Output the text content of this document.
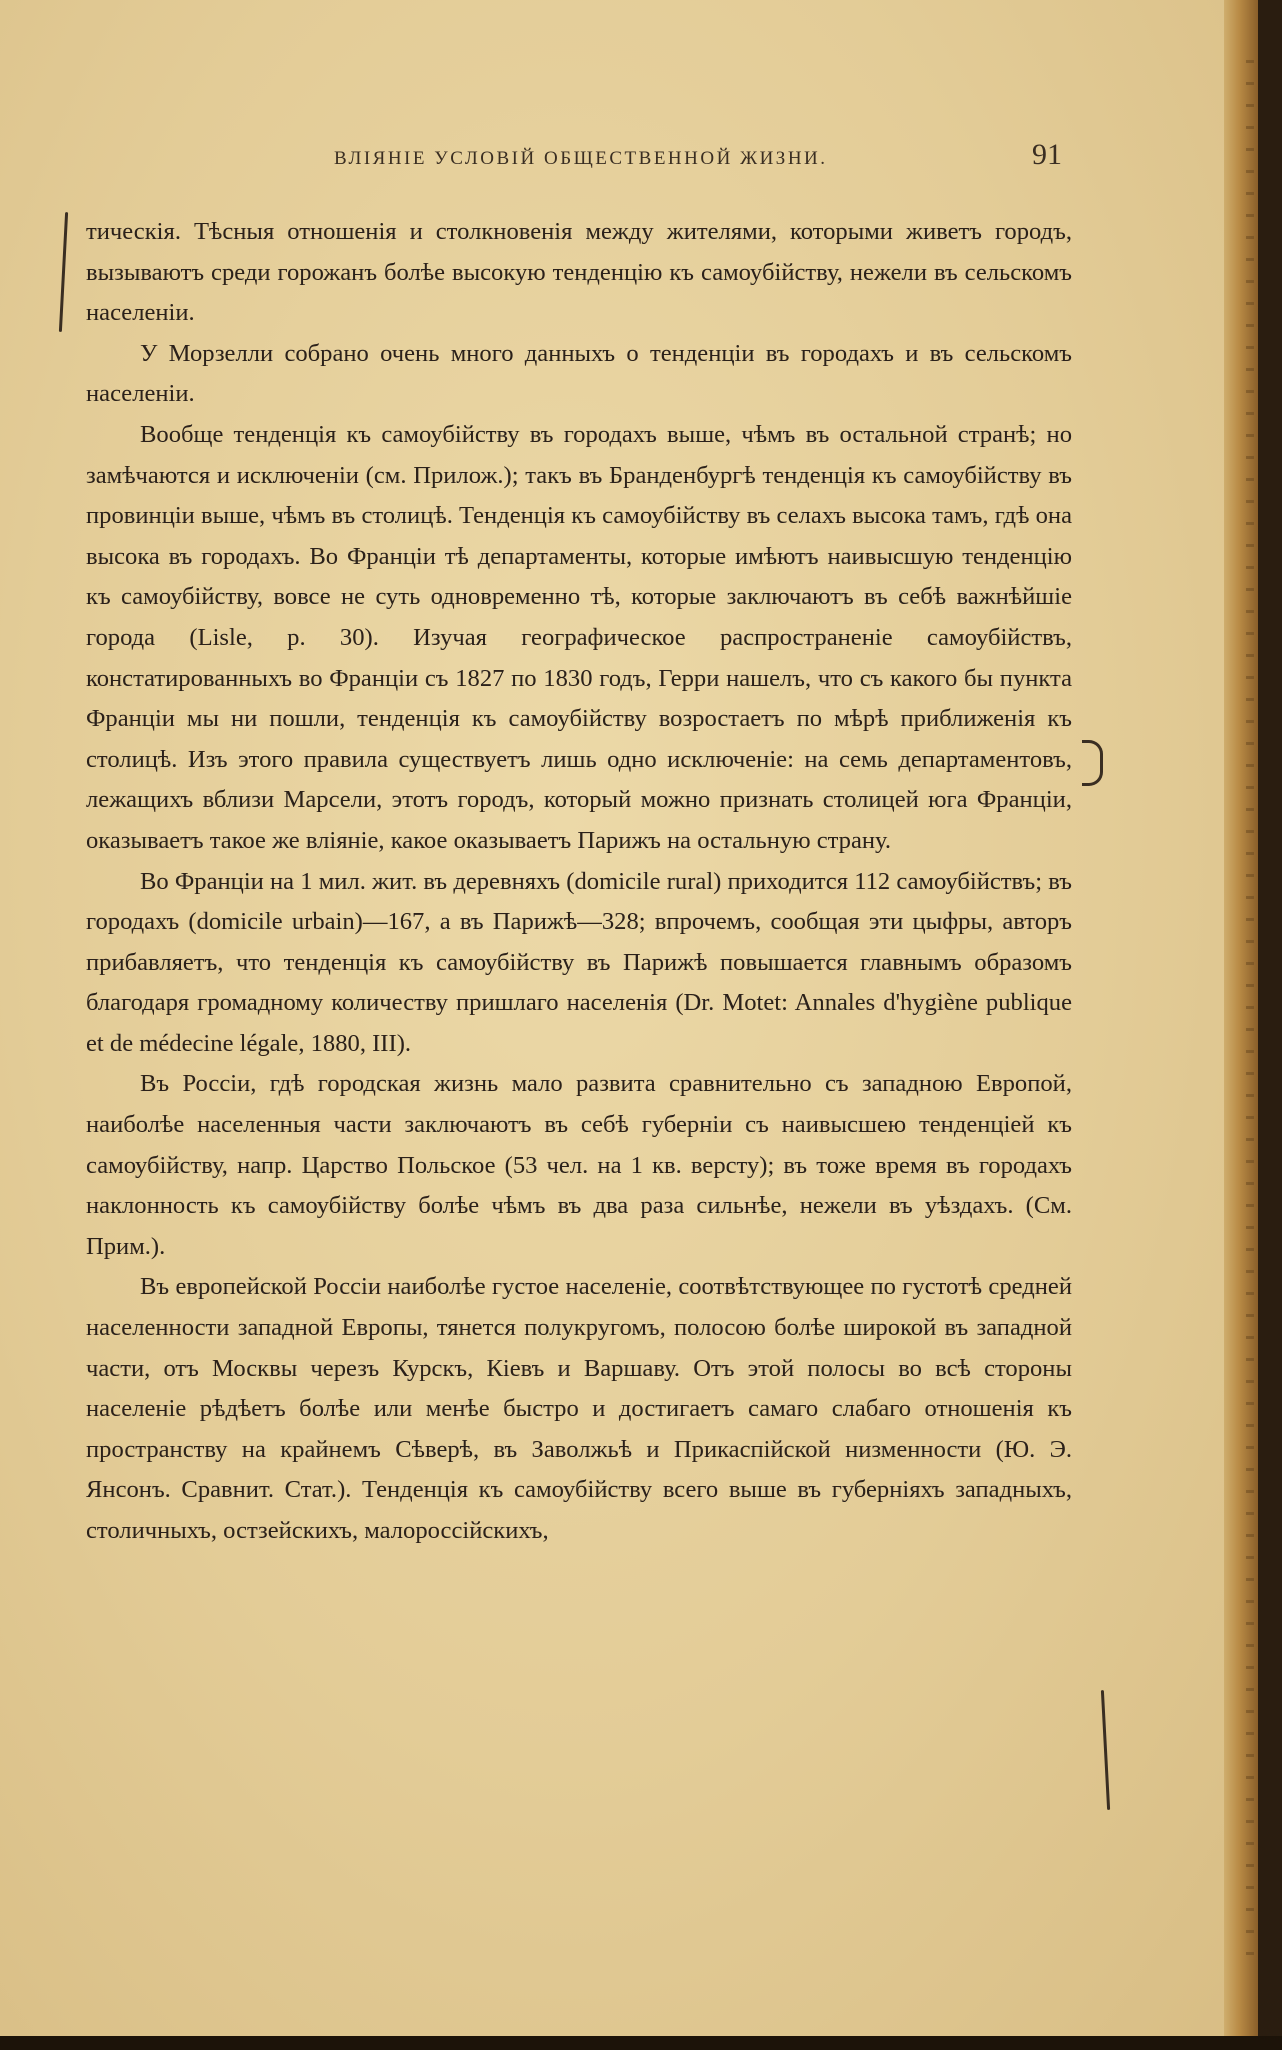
ВЛIЯНIЕ УСЛОВIЙ ОБЩЕСТВЕННОЙ ЖИЗНИ.	91

тическiя. Тѣсныя отношенiя и столкновенiя между жителями, которыми живетъ городъ, вызываютъ среди горожанъ болѣе высокую тенденцiю къ самоубiйству, нежели въ сельскомъ населенiи.

У Морзелли собрано очень много данныхъ о тенденцiи въ городахъ и въ сельскомъ населенiи.

Вообще тенденцiя къ самоубiйству въ городахъ выше, чѣмъ въ остальной странѣ; но замѣчаются и исключенiи (см. Прилож.); такъ въ Бранденбургѣ тенденцiя къ самоубiйству въ провинцiи выше, чѣмъ въ столицѣ. Тенденцiя къ самоубiйству въ селахъ высока тамъ, гдѣ она высока въ городахъ. Во Францiи тѣ департаменты, которые имѣютъ наивысшую тенденцiю къ самоубiйству, вовсе не суть одновременно тѣ, которые заключаютъ въ себѣ важнѣйшiе города (Lisle, p. 30). Изучая географическое распространенiе самоубiйствъ, констатированныхъ во Францiи съ 1827 по 1830 годъ, Герри нашелъ, что съ какого бы пункта Францiи мы ни пошли, тенденцiя къ самоубiйству возростаетъ по мѣрѣ приближенiя къ столицѣ. Изъ этого правила существуетъ лишь одно исключенiе: на семь департаментовъ, лежащихъ вблизи Марсели, этотъ городъ, который можно признать столицей юга Францiи, оказываетъ такое же влiянiе, какое оказываетъ Парижъ на остальную страну.

Во Францiи на 1 мил. жит. въ деревняхъ (domicile rural) приходится 112 самоубiйствъ; въ городахъ (domicile urbain)—167, а въ Парижѣ—328; впрочемъ, сообщая эти цыфры, авторъ прибавляетъ, что тенденцiя къ самоубiйству въ Парижѣ повышается главнымъ образомъ благодаря громадному количеству пришлаго населенiя (Dr. Motet: Annales d'hygiène publique et de médecine légale, 1880, III).

Въ Россiи, гдѣ городская жизнь мало развита сравнительно съ западною Европой, наиболѣе населенныя части заключаютъ въ себѣ губернiи съ наивысшею тенденцiей къ самоубiйству, напр. Царство Польское (53 чел. на 1 кв. версту); въ тоже время въ городахъ наклонность къ самоубiйству болѣе чѣмъ въ два раза сильнѣе, нежели въ уѣздахъ. (См. Прим.).

Въ европейской Россiи наиболѣе густое населенiе, соотвѣтствующее по густотѣ средней населенности западной Европы, тянется полукругомъ, полосою болѣе широкой въ западной части, отъ Москвы черезъ Курскъ, Кiевъ и Варшаву. Отъ этой полосы во всѣ стороны населенiе рѣдѣетъ болѣе или менѣе быстро и достигаетъ самаго слабаго отношенiя къ пространству на крайнемъ Сѣверѣ, въ Заволжьѣ и Прикаспiйской низменности (Ю. Э. Янсонъ. Сравнит. Стат.). Тенденцiя къ самоубiйству всего выше въ губернiяхъ западныхъ, столичныхъ, остзейскихъ, малороссiйскихъ,
